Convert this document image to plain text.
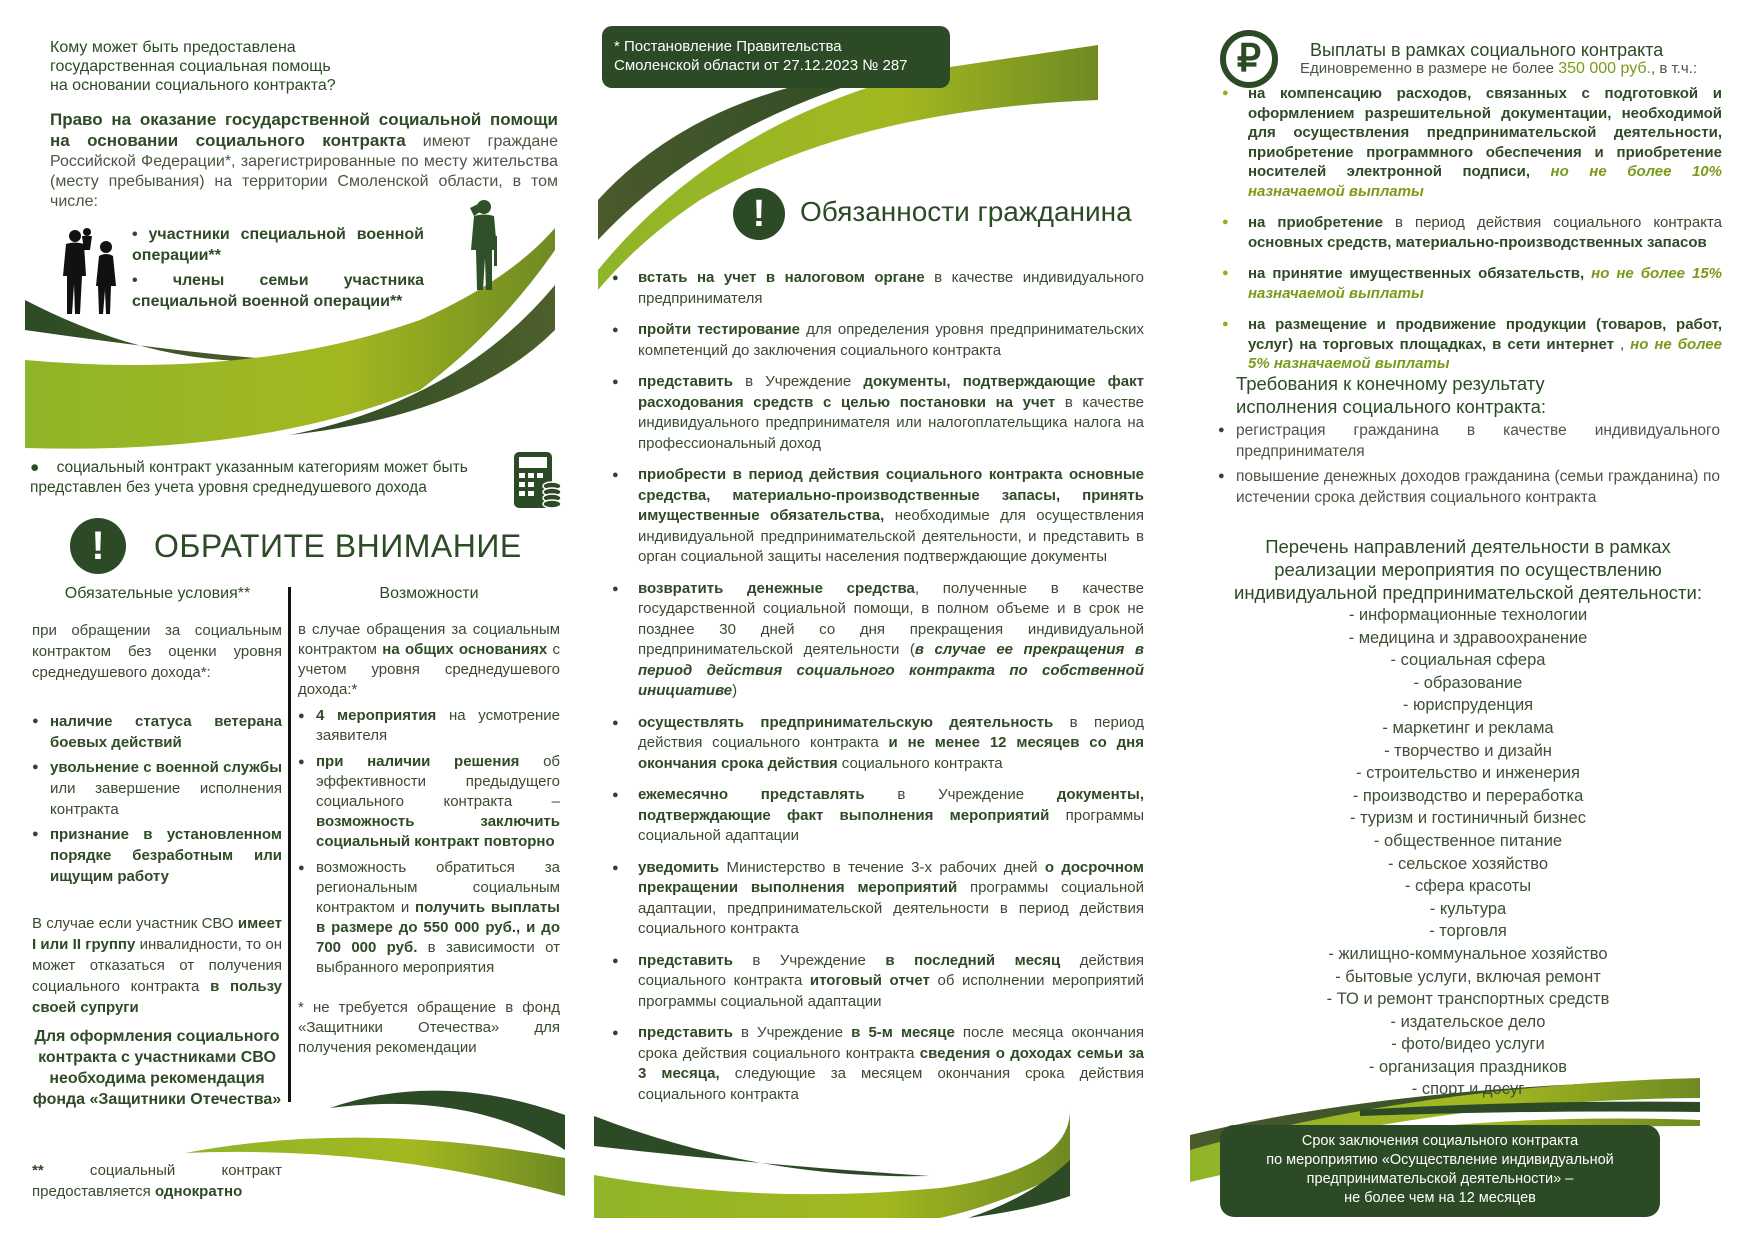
Кому может быть предоставлена
государственная социальная помощь
на основании социального контракта?
Право на оказание государственной социальной помощи на основании социального контракта имеют граждане Российской Федерации*, зарегистрированные по месту жительства (месту пребывания) на территории Смоленской области, в том числе:
• участники специальной военной операции**
• члены семьи участника специальной военной операции**
●    социальный контракт указанным категориям может быть представлен без учета уровня среднедушевого дохода
!	ОБРАТИТЕ ВНИМАНИЕ
Обязательные условия**
при обращении за социальным контрактом без оценки уровня среднедушевого дохода*:
● наличие статуса ветерана боевых действий
● увольнение с военной службы или завершение исполнения контракта
● признание в установленном порядке безработным или ищущим работу
В случае если участник СВО имеет I или II группу инвалидности, то он может отказаться от получения социального контракта в пользу своей супруги
Для оформления социального контракта с участниками СВО необходима рекомендация фонда «Защитники Отечества»
** социальный контракт предоставляется однократно
Возможности
в случае обращения за социальным контрактом на общих основаниях с учетом уровня среднедушевого дохода:*
● 4 мероприятия на усмотрение заявителя
● при наличии решения об эффективности предыдущего социального контракта – возможность заключить социальный контракт повторно
● возможность обратиться за региональным социальным контрактом и получить выплаты в размере до 550 000 руб., и до 700 000 руб. в зависимости от выбранного мероприятия
* не требуется обращение в фонд «Защитники Отечества» для получения рекомендации
* Постановление Правительства
Смоленской области от 27.12.2023 № 287
!	Обязанности гражданина
● встать на учет в налоговом органе в качестве индивидуального предпринимателя
● пройти тестирование для определения уровня предпринимательских компетенций до заключения социального контракта
● представить в Учреждение документы, подтверждающие факт расходования средств с целью постановки на учет в качестве индивидуального предпринимателя или налогоплательщика налога на профессиональный доход
● приобрести в период действия социального контракта основные средства, материально-производственные запасы, принять имущественные обязательства, необходимые для осуществления индивидуальной предпринимательской деятельности, и представить в орган социальной защиты населения подтверждающие документы
● возвратить денежные средства, полученные в качестве государственной социальной помощи, в полном объеме и в срок не позднее 30 дней со дня прекращения индивидуальной предпринимательской деятельности (в случае ее прекращения в период действия социального контракта по собственной инициативе)
● осуществлять предпринимательскую деятельность в период действия социального контракта и не менее 12 месяцев со дня окончания срока действия социального контракта
● ежемесячно представлять в Учреждение документы, подтверждающие факт выполнения мероприятий программы социальной адаптации
● уведомить Министерство в течение 3-х рабочих дней о досрочном прекращении выполнения мероприятий программы социальной адаптации, предпринимательской деятельности в период действия социального контракта
● представить в Учреждение в последний месяц действия социального контракта итоговый отчет об исполнении мероприятий программы социальной адаптации
● представить в Учреждение в 5-м месяце после месяца окончания срока действия социального контракта сведения о доходах семьи за 3 месяца, следующие за месяцем окончания срока действия социального контракта
₽	Выплаты в рамках социального контракта
Единовременно в размере не более 350 000 руб., в т.ч.:
● на компенсацию расходов, связанных с подготовкой и оформлением разрешительной документации, необходимой для осуществления предпринимательской деятельности, приобретение программного обеспечения и приобретение носителей электронной подписи, но не более 10% назначаемой выплаты
● на приобретение в период действия социального контракта основных средств, материально-производственных запасов
● на принятие имущественных обязательств, но не более 15% назначаемой выплаты
● на размещение и продвижение продукции (товаров, работ, услуг) на торговых площадках, в сети интернет , но не более 5% назначаемой выплаты
Требования к конечному результату
исполнения социального контракта:
● регистрация гражданина в качестве индивидуального предпринимателя
● повышение денежных доходов гражданина (семьи гражданина) по истечении срока действия социального контракта
Перечень направлений деятельности в рамках реализации мероприятия по осуществлению индивидуальной предпринимательской деятельности:
- информационные технологии
- медицина и здравоохранение
- социальная сфера
- образование
- юриспруденция
- маркетинг и реклама
- творчество и дизайн
- строительство и инженерия
- производство и переработка
- туризм и гостиничный бизнес
- общественное питание
- сельское хозяйство
- сфера красоты
- культура
- торговля
- жилищно-коммунальное хозяйство
- бытовые услуги, включая ремонт
- ТО и ремонт транспортных средств
- издательское дело
- фото/видео услуги
- организация праздников
- спорт и досуг
Срок заключения социального контракта
по мероприятию «Осуществление индивидуальной
предпринимательской деятельности» –
не более чем на 12 месяцев
